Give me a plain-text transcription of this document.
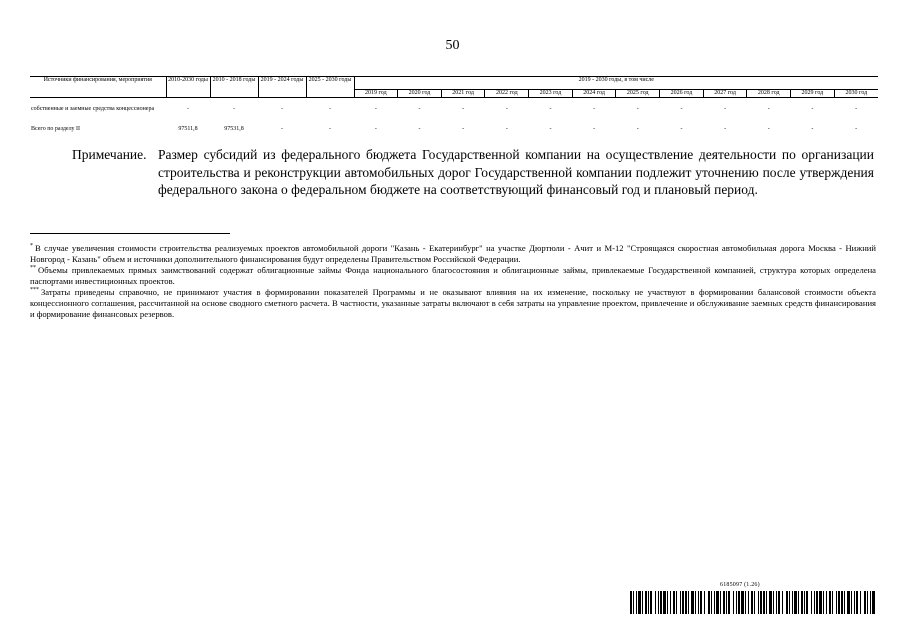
50
Источники финансирования, мероприятия	2010-2030 годы	2010 - 2018 годы	2019 - 2024 годы	2025 - 2030 годы	2019 - 2030 годы, в том числе											
					2019 год	2020 год	2021 год	2022 год	2023 год	2024 год	2025 год	2026 год	2027 год	2028 год	2029 год	2030 год

собственные и заемные средства концессионера	-	-	-	-	-	-	-	-	-	-	-	-	-	-	-	-
Всего по разделу II	97511,8	97531,8	-	-	-	-	-	-	-	-	-	-	-	-	-	-
Примечание. Размер субсидий из федерального бюджета Государственной компании на осуществление деятельности по организации строительства и реконструкции автомобильных дорог Государственной компании подлежит уточнению после утверждения федерального закона о федеральном бюджете на соответствующий финансовый год и плановый период.

* В случае увеличения стоимости строительства реализуемых проектов автомобильной дороги "Казань - Екатеринбург" на участке Дюртюли - Ачит и М-12 "Строящаяся скоростная автомобильная дорога Москва - Нижний Новгород - Казань" объем и источники дополнительного финансирования будут определены Правительством Российской Федерации.

** Объемы привлекаемых прямых заимствований содержат облигационные займы Фонда национального благосостояния и облигационные займы, привлекаемые Государственной компанией, структура которых определена паспортами инвестиционных проектов.

*** Затраты приведены справочно, не принимают участия в формировании показателей Программы и не оказывают влияния на их изменение, поскольку не участвуют в формировании балансовой стоимости объекта концессионного соглашения, рассчитанной на основе сводного сметного расчета. В частности, указанные затраты включают в себя затраты на управление проектом, привлечение и обслуживание заемных средств финансирования и формирование финансовых резервов.

6185097 (1.26)
